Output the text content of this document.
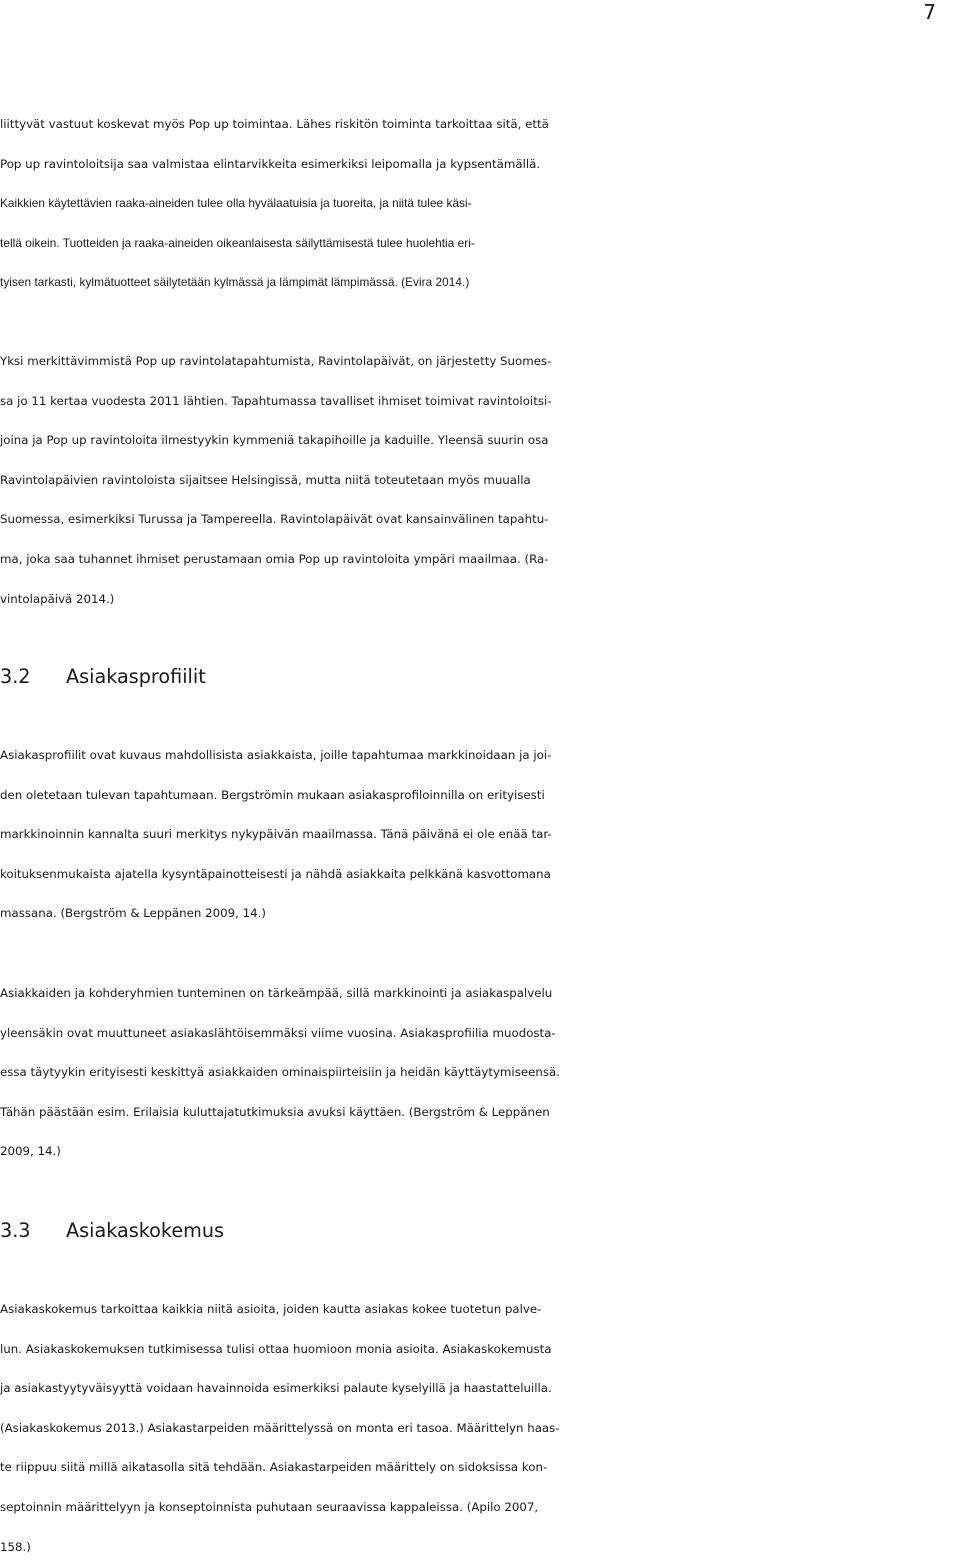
7
liittyvät vastuut koskevat myös Pop up toimintaa. Lähes riskitön toiminta tarkoittaa sitä, että
Pop up ravintoloitsija saa valmistaa elintarvikkeita esimerkiksi leipomalla ja kypsentämällä.
Kaikkien käytettävien raaka-aineiden tulee olla hyvälaatuisia ja tuoreita, ja niitä tulee käsi-
tellä oikein. Tuotteiden ja raaka-aineiden oikeanlaisesta säilyttämisestä tulee huolehtia eri-
tyisen tarkasti, kylmätuotteet säilytetään kylmässä ja lämpimät lämpimässä. (Evira 2014.)
Yksi merkittävimmistä Pop up ravintolatapahtumista, Ravintolapäivät, on järjestetty Suomes-
sa jo 11 kertaa vuodesta 2011 lähtien. Tapahtumassa tavalliset ihmiset toimivat ravintoloitsi-
joina ja Pop up ravintoloita ilmestyykin kymmeniä takapihoille ja kaduille. Yleensä suurin osa
Ravintolapäivien ravintoloista sijaitsee Helsingissä, mutta niitä toteutetaan myös muualla
Suomessa, esimerkiksi Turussa ja Tampereella. Ravintolapäivät ovat kansainvälinen tapahtu-
ma, joka saa tuhannet ihmiset perustamaan omia Pop up ravintoloita ympäri maailmaa. (Ra-
vintolapäivä 2014.)
3.2 Asiakasprofiilit
Asiakasprofiilit ovat kuvaus mahdollisista asiakkaista, joille tapahtumaa markkinoidaan ja joi-
den oletetaan tulevan tapahtumaan. Bergströmin mukaan asiakasprofiloinnilla on erityisesti
markkinoinnin kannalta suuri merkitys nykypäivän maailmassa. Tänä päivänä ei ole enää tar-
koituksenmukaista ajatella kysyntäpainotteisesti ja nähdä asiakkaita pelkkänä kasvottomana
massana. (Bergström & Leppänen 2009, 14.)
Asiakkaiden ja kohderyhmien tunteminen on tärkeämpää, sillä markkinointi ja asiakaspalvelu
yleensäkin ovat muuttuneet asiakaslähtöisemmäksi viime vuosina. Asiakasprofiilia muodosta-
essa täytyykin erityisesti keskittyä asiakkaiden ominaispiirteisiin ja heidän käyttäytymiseensä.
Tähän päästään esim. Erilaisia kuluttajatutkimuksia avuksi käyttäen. (Bergström & Leppänen
2009, 14.)
3.3 Asiakaskokemus
Asiakaskokemus tarkoittaa kaikkia niitä asioita, joiden kautta asiakas kokee tuotetun palve-
lun. Asiakaskokemuksen tutkimisessa tulisi ottaa huomioon monia asioita. Asiakaskokemusta
ja asiakastyytyväisyyttä voidaan havainnoida esimerkiksi palaute kyselyillä ja haastatteluilla.
(Asiakaskokemus 2013.) Asiakastarpeiden määrittelyssä on monta eri tasoa. Määrittelyn haas-
te riippuu siitä millä aikatasolla sitä tehdään. Asiakastarpeiden määrittely on sidoksissa kon-
septoinnin määrittelyyn ja konseptoinnista puhutaan seuraavissa kappaleissa. (Apilo 2007,
158.)
